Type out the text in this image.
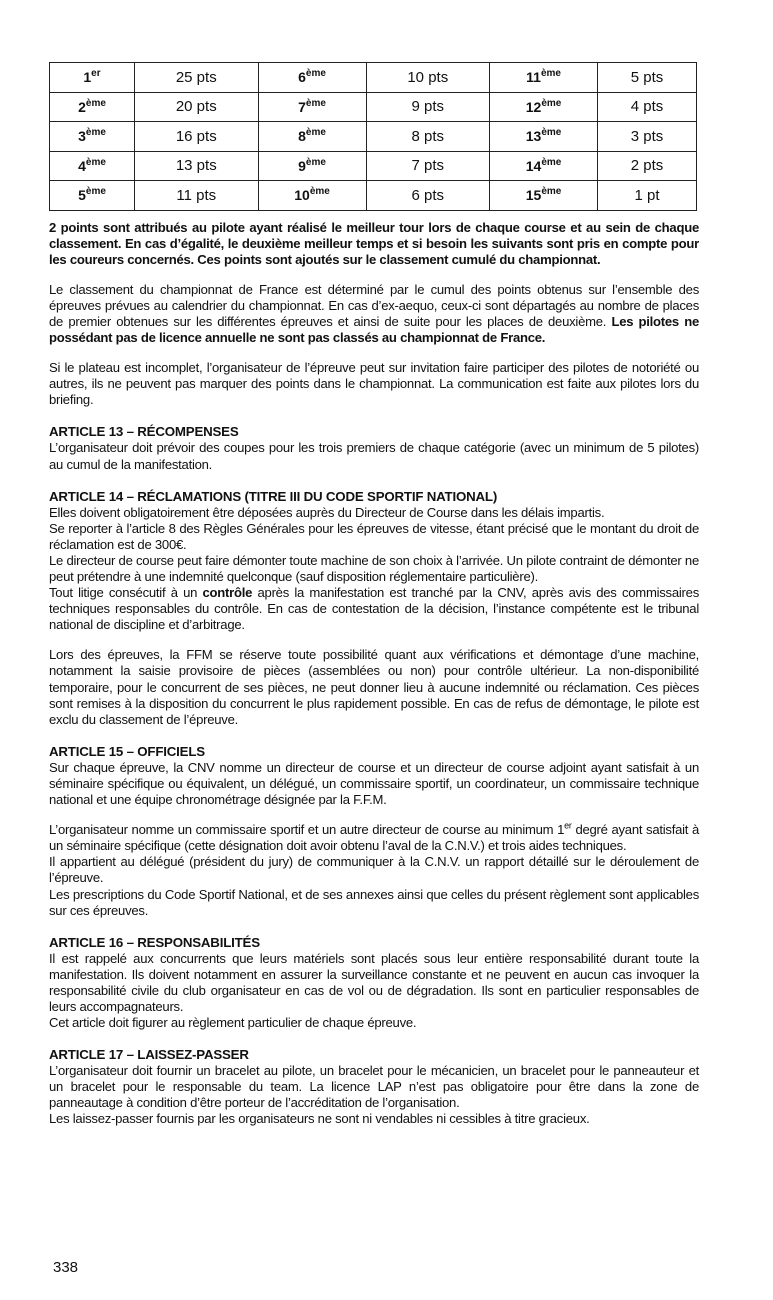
1er	25 pts	6ème	10 pts	11ème	5 pts
2ème	20 pts	7ème	9 pts	12ème	4 pts
3ème	16 pts	8ème	8 pts	13ème	3 pts
4ème	13 pts	9ème	7 pts	14ème	2 pts
5ème	11 pts	10ème	6 pts	15ème	1 pt

2 points sont attribués au pilote ayant réalisé le meilleur tour lors de chaque course et au sein de chaque classement. En cas d’égalité, le deuxième meilleur temps et si besoin les suivants sont pris en compte pour les coureurs concernés. Ces points sont ajoutés sur le classement cumulé du championnat.

Le classement du championnat de France est déterminé par le cumul des points obtenus sur l’ensemble des épreuves prévues au calendrier du championnat. En cas d’ex-aequo, ceux-ci sont départagés au nombre de places de premier obtenues sur les différentes épreuves et ainsi de suite pour les places de deuxième. Les pilotes ne possédant pas de licence annuelle ne sont pas classés au championnat de France.

Si le plateau est incomplet, l’organisateur de l’épreuve peut sur invitation faire participer des pilotes de notoriété ou autres, ils ne peuvent pas marquer des points dans le championnat. La communication est faite aux pilotes lors du briefing.

ARTICLE 13 – RÉCOMPENSES

L’organisateur doit prévoir des coupes pour les trois premiers de chaque catégorie (avec un minimum de 5 pilotes) au cumul de la manifestation.

ARTICLE 14 – RÉCLAMATIONS (TITRE III DU CODE SPORTIF NATIONAL)

Elles doivent obligatoirement être déposées auprès du Directeur de Course dans les délais impartis.

Se reporter à l’article 8 des Règles Générales pour les épreuves de vitesse, étant précisé que le montant du droit de réclamation est de 300€.

Le directeur de course peut faire démonter toute machine de son choix à l’arrivée. Un pilote contraint de démonter ne peut prétendre à une indemnité quelconque (sauf disposition réglementaire particulière).

Tout litige consécutif à un contrôle après la manifestation est tranché par la CNV, après avis des commissaires techniques responsables du contrôle. En cas de contestation de la décision, l’instance compétente est le tribunal national de discipline et d’arbitrage.

Lors des épreuves, la FFM se réserve toute possibilité quant aux vérifications et démontage d’une machine, notamment la saisie provisoire de pièces (assemblées ou non) pour contrôle ultérieur. La non-disponibilité temporaire, pour le concurrent de ses pièces, ne peut donner lieu à aucune indemnité ou réclamation. Ces pièces sont remises à la disposition du concurrent le plus rapidement possible. En cas de refus de démontage, le pilote est exclu du classement de l’épreuve.

ARTICLE 15 – OFFICIELS

Sur chaque épreuve, la CNV nomme un directeur de course et un directeur de course adjoint ayant satisfait à un séminaire spécifique ou équivalent, un délégué, un commissaire sportif, un coordinateur, un commissaire technique national et une équipe chronométrage désignée par la F.F.M.

L’organisateur nomme un commissaire sportif et un autre directeur de course au minimum 1er degré ayant satisfait à un séminaire spécifique (cette désignation doit avoir obtenu l’aval de la C.N.V.) et trois aides techniques.

Il appartient au délégué (président du jury) de communiquer à la C.N.V. un rapport détaillé sur le déroulement de l’épreuve.

Les prescriptions du Code Sportif National, et de ses annexes ainsi que celles du présent règlement sont applicables sur ces épreuves.

ARTICLE 16 – RESPONSABILITÉS

Il est rappelé aux concurrents que leurs matériels sont placés sous leur entière responsabilité durant toute la manifestation. Ils doivent notamment en assurer la surveillance constante et ne peuvent en aucun cas invoquer la responsabilité civile du club organisateur en cas de vol ou de dégradation. Ils sont en particulier responsables de leurs accompagnateurs.

Cet article doit figurer au règlement particulier de chaque épreuve.

ARTICLE 17 – LAISSEZ-PASSER

L’organisateur doit fournir un bracelet au pilote, un bracelet pour le mécanicien, un bracelet pour le panneauteur et un bracelet pour le responsable du team. La licence LAP n’est pas obligatoire pour être dans la zone de panneautage à condition d’être porteur de l’accréditation de l’organisation.

Les laissez-passer fournis par les organisateurs ne sont ni vendables ni cessibles à titre gracieux.

338
